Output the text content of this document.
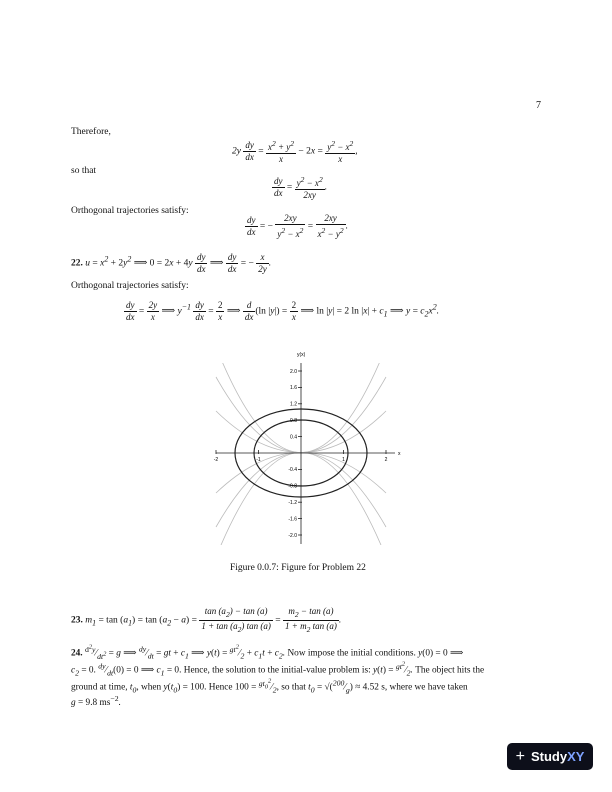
7
Therefore,
$2y \frac{dy}{dx} = \frac{x^2 + y^2}{x} - 2x = \frac{y^2 - x^2}{x}$ ,
so that
$\frac{dy}{dx} = \frac{y^2 - x^2}{2xy}$ .
Orthogonal trajectories satisfy:
$\frac{dy}{dx}$ = − $\frac{2xy}{y^2 - x^2} = \frac{2xy}{x^2 - y^2}$ .
22. $u = x^2 + 2y^2$ ⟹ $0 = 2x + 4y \frac{dy}{dx}$ ⟹ $\frac{dy}{dx}$ = − $\frac{x}{2y}$ .
Orthogonal trajectories satisfy:
$\frac{dy}{dx} = \frac{2y}{x}$ ⟹ $y^{-1} \frac{dy}{dx} = \frac{2}{x}$ ⟹ $\frac{d}{dx} (\ln$ $|y|) = \frac{2}{x}$ ⟹ ln |y| = 2 $\ln |x| + c_1$ ⟹ $y = c_2x^2$.
y(x)
x
2.0
1.6
1.2
0.8
0.4
-0.4
-0.8
-1.2
-1.6
-2.0
-2	-1	1	2
Figure 0.0.7: Figure for Problem 22
23. $m_1 = \tan (a_1) = \tan (a_2 - a) = \frac{\tan (a_2) - \tan (a)}{1 + \tan (a_2) \tan (a)} = \frac{m_2 - \tan (a)}{1 + m_2 \tan (a)}$ .
24. $^{d^2y}⁄_{dt^2} = g$ ⟹ $^{dy}⁄_{dt}$ = gt + $c_1$ ⟹ $y(t) = ^{gt^2}⁄_2 + c_1t + c_2$. Now impose the initial conditions. y(0) = 0 ⟹
$c_2 = 0$. $^{dy}⁄_{dt}(0) = 0$ ⟹ $c_1 = 0$. Hence, the solution to the initial-value problem is: $y(t) = ^{gt^2}⁄_2$. The object hits the
ground at time, $t_0$, when $y(t_0) = 100$. Hence $100 = ^{gt_0^2}⁄_2$, so that $t_0$ = $√(^{200}⁄_g) \approx 4.52$ s, where we have taken
g = 9.8 $ms^{-2}$.
+ StudyXY
